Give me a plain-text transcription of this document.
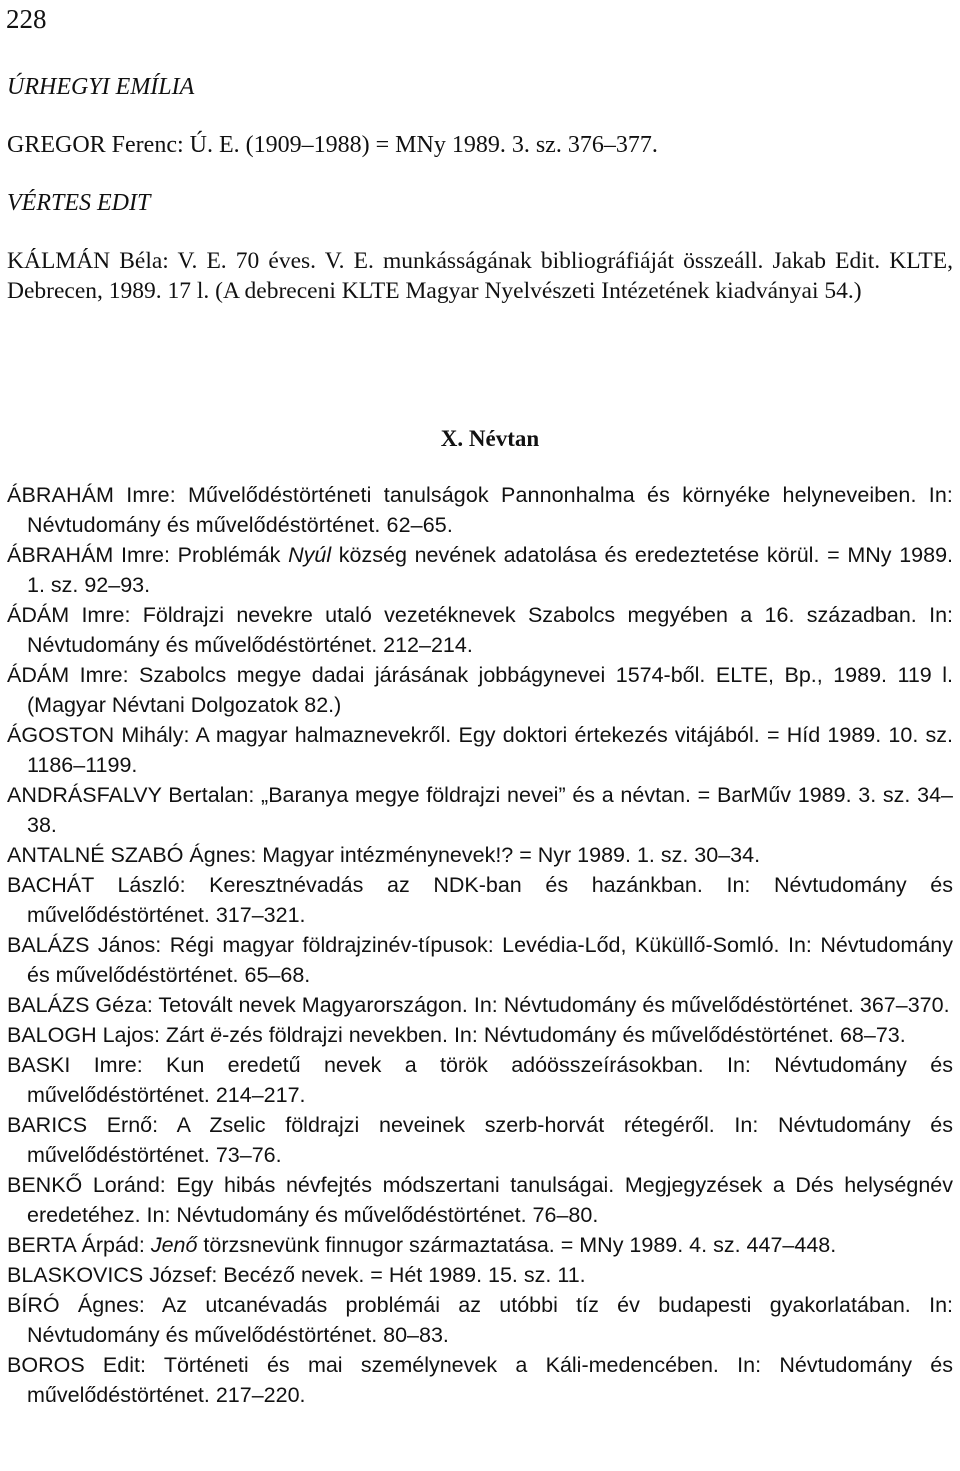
228
ÚRHEGYI EMÍLIA
GREGOR Ferenc: Ú. E. (1909–1988) = MNy 1989. 3. sz. 376–377.
VÉRTES EDIT
KÁLMÁN Béla: V. E. 70 éves. V. E. munkásságának bibliográfiáját összeáll. Jakab Edit. KLTE, Debrecen, 1989. 17 l. (A debreceni KLTE Magyar Nyelvészeti Intézetének kiadványai 54.)
X. Névtan

ÁBRAHÁM Imre: Művelődéstörténeti tanulságok Pannonhalma és környéke helyneveiben. In: Névtudomány és művelődéstörténet. 62–65.

ÁBRAHÁM Imre: Problémák Nyúl község nevének adatolása és eredeztetése körül. = MNy 1989. 1. sz. 92–93.

ÁDÁM Imre: Földrajzi nevekre utaló vezetéknevek Szabolcs megyében a 16. században. In: Névtudomány és művelődéstörténet. 212–214.

ÁDÁM Imre: Szabolcs megye dadai járásának jobbágynevei 1574-ből. ELTE, Bp., 1989. 119 l. (Magyar Névtani Dolgozatok 82.)

ÁGOSTON Mihály: A magyar halmaznevekről. Egy doktori értekezés vitájából. = Híd 1989. 10. sz. 1186–1199.

ANDRÁSFALVY Bertalan: „Baranya megye földrajzi nevei” és a névtan. = BarMűv 1989. 3. sz. 34–38.

ANTALNÉ SZABÓ Ágnes: Magyar intézménynevek!? = Nyr 1989. 1. sz. 30–34.

BACHÁT László: Keresztnévadás az NDK-ban és hazánkban. In: Névtudomány és művelődéstörténet. 317–321.

BALÁZS János: Régi magyar földrajzinév-típusok: Levédia-Lőd, Küküllő-Somló. In: Névtudomány és művelődéstörténet. 65–68.

BALÁZS Géza: Tetovált nevek Magyarországon. In: Névtudomány és művelődéstörténet. 367–370.

BALOGH Lajos: Zárt ë-zés földrajzi nevekben. In: Névtudomány és művelődéstörténet. 68–73.

BASKI Imre: Kun eredetű nevek a török adóösszeírásokban. In: Névtudomány és művelődéstörténet. 214–217.

BARICS Ernő: A Zselic földrajzi neveinek szerb-horvát rétegéről. In: Névtudomány és művelődéstörténet. 73–76.

BENKŐ Loránd: Egy hibás névfejtés módszertani tanulságai. Megjegyzések a Dés helységnév eredetéhez. In: Névtudomány és művelődéstörténet. 76–80.

BERTA Árpád: Jenő törzsnevünk finnugor származtatása. = MNy 1989. 4. sz. 447–448.

BLASKOVICS József: Becéző nevek. = Hét 1989. 15. sz. 11.

BÍRÓ Ágnes: Az utcanévadás problémái az utóbbi tíz év budapesti gyakorlatában. In: Névtudomány és művelődéstörténet. 80–83.

BOROS Edit: Történeti és mai személynevek a Káli-medencében. In: Névtudomány és művelődéstörténet. 217–220.
